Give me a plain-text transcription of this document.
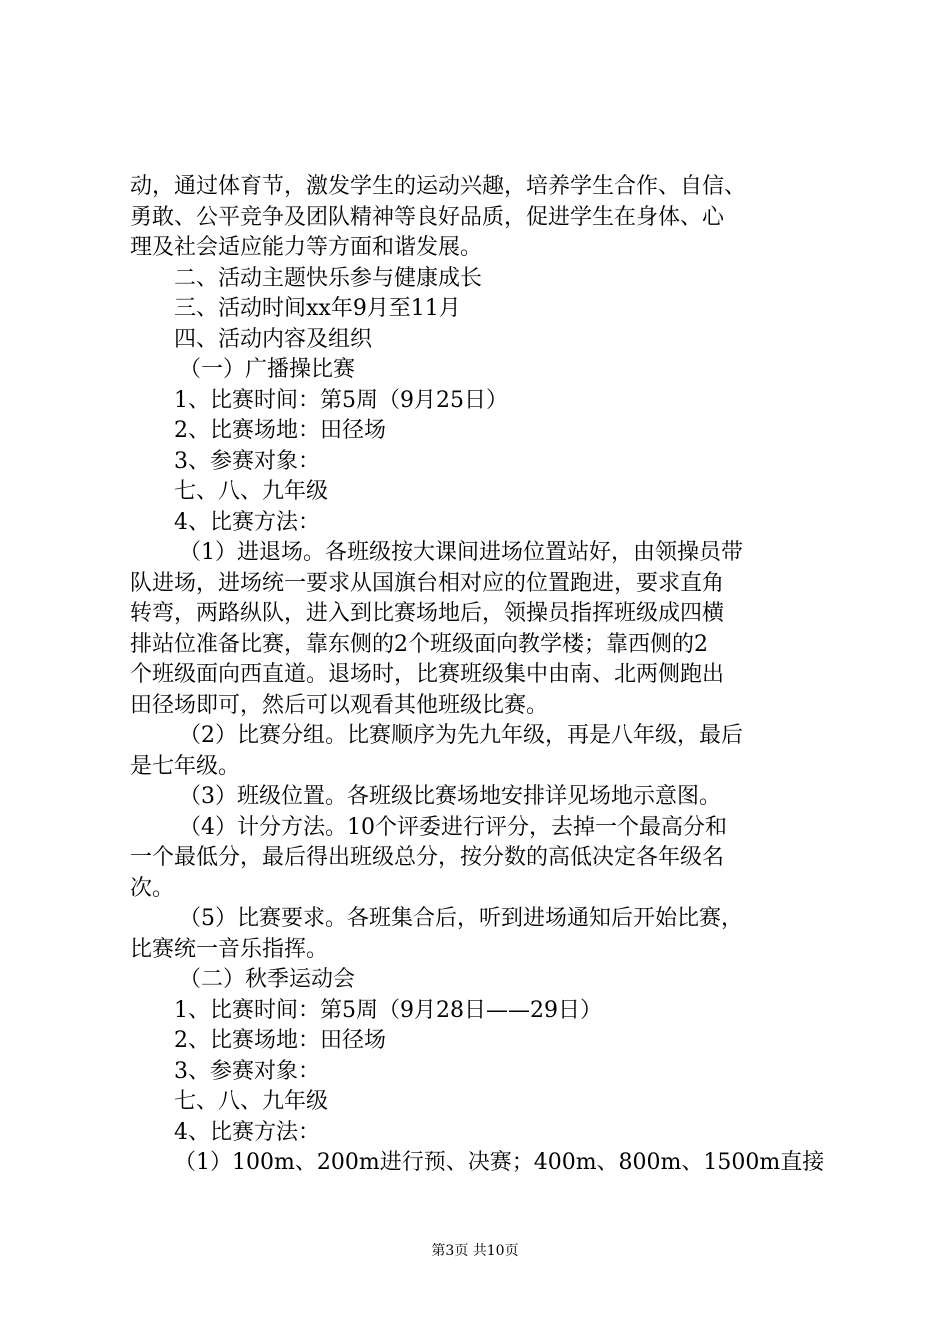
动，通过体育节，激发学生的运动兴趣，培养学生合作、自信、
勇敢、公平竞争及团队精神等良好品质，促进学生在身体、心
理及社会适应能力等方面和谐发展。
二、活动主题快乐参与健康成长
三、活动时间xx年9月至11月
四、活动内容及组织
（一）广播操比赛
1、比赛时间：第5周（9月25日）
2、比赛场地：田径场
3、参赛对象：
七、八、九年级
4、比赛方法：
（1）进退场。各班级按大课间进场位置站好，由领操员带
队进场，进场统一要求从国旗台相对应的位置跑进，要求直角
转弯，两路纵队，进入到比赛场地后，领操员指挥班级成四横
排站位准备比赛，靠东侧的2个班级面向教学楼；靠西侧的2
个班级面向西直道。退场时，比赛班级集中由南、北两侧跑出
田径场即可，然后可以观看其他班级比赛。
（2）比赛分组。比赛顺序为先九年级，再是八年级，最后
是七年级。
（3）班级位置。各班级比赛场地安排详见场地示意图。
（4）计分方法。10个评委进行评分，去掉一个最高分和
一个最低分，最后得出班级总分，按分数的高低决定各年级名
次。
（5）比赛要求。各班集合后，听到进场通知后开始比赛，
比赛统一音乐指挥。
（二）秋季运动会
1、比赛时间：第5周（9月28日——29日）
2、比赛场地：田径场
3、参赛对象：
七、八、九年级
4、比赛方法：
（1）100m、200m进行预、决赛；400m、800m、1500m直接
第3页 共10页
